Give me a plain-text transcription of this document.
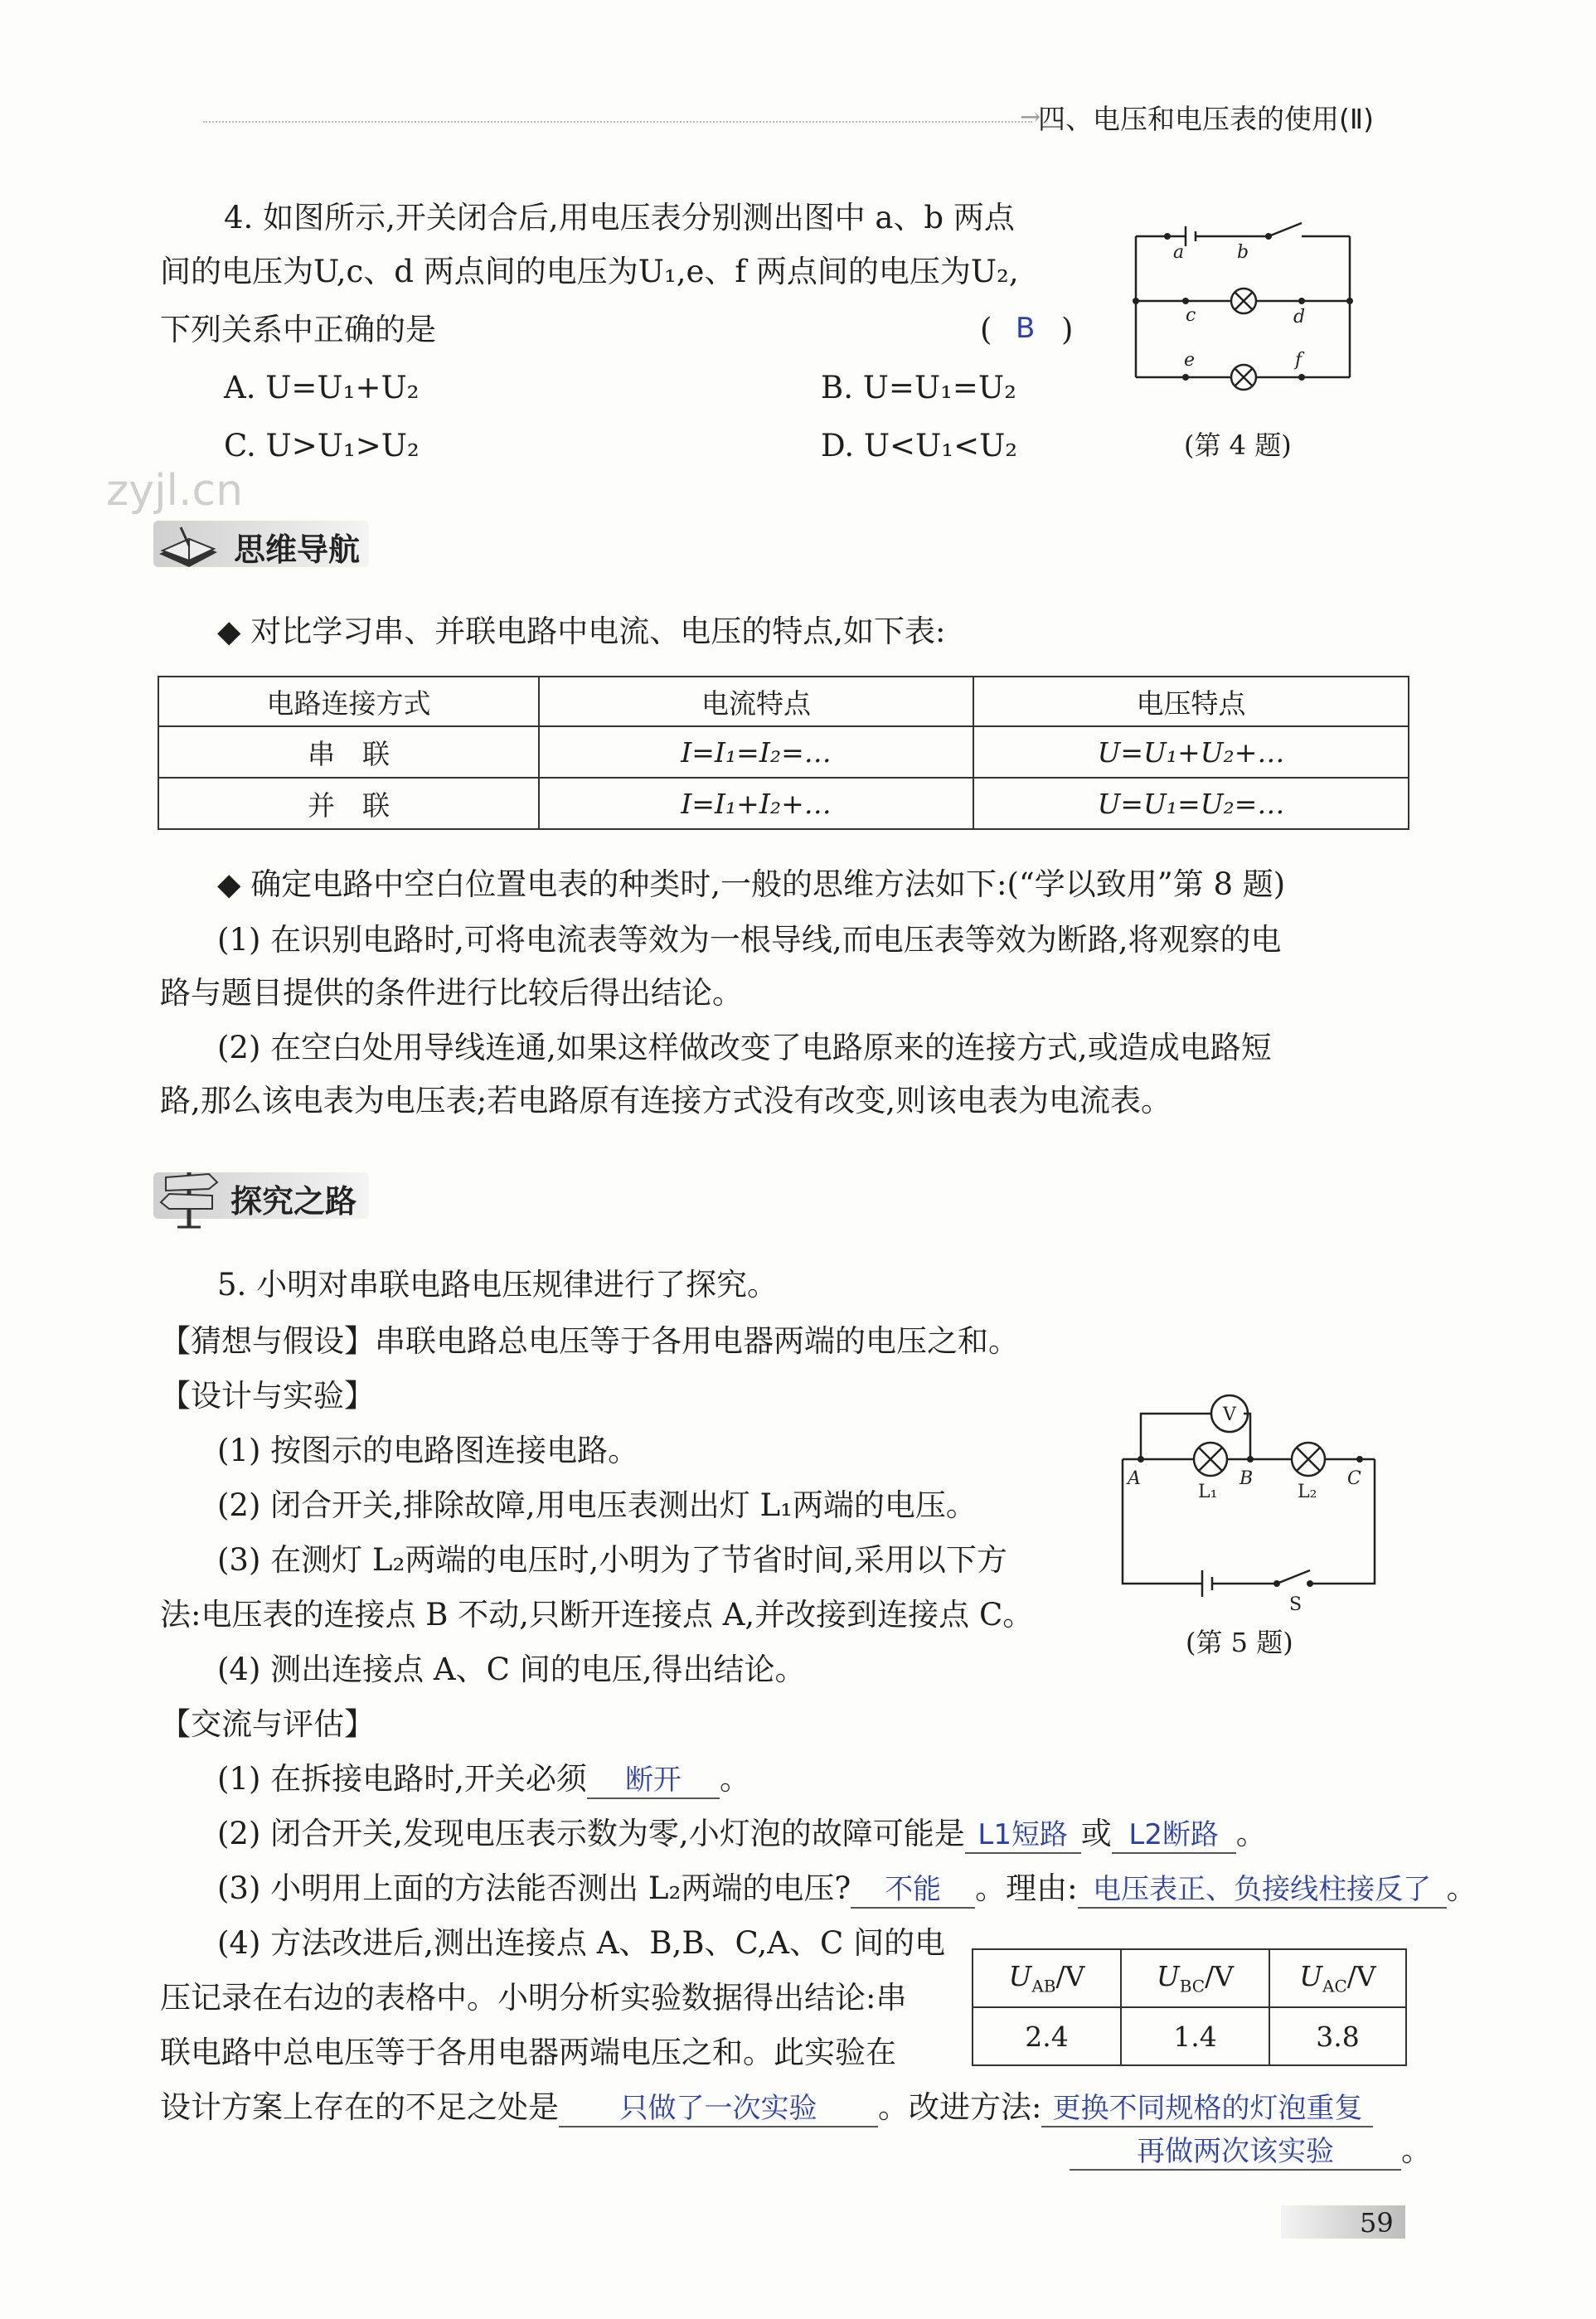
→
四、电压和电压表的使用(Ⅱ)
4. 如图所示,开关闭合后,用电压表分别测出图中 a、b 两点
间的电压为U,c、d 两点间的电压为U₁,e、f 两点间的电压为U₂,
下列关系中正确的是	( B )
A. U=U₁+U₂	B. U=U₁=U₂
C. U>U₁>U₂	D. U<U₁<U₂
a	b
c	d
e	f
(第 4 题)
zyjl.cn
思维导航
◆ 对比学习串、并联电路中电流、电压的特点,如下表:
电路连接方式	电流特点	电压特点
串　联	I=I₁=I₂=…	U=U₁+U₂+…
并　联	I=I₁+I₂+…	U=U₁=U₂=…
◆ 确定电路中空白位置电表的种类时,一般的思维方法如下:(“学以致用”第 8 题)
(1) 在识别电路时,可将电流表等效为一根导线,而电压表等效为断路,将观察的电
路与题目提供的条件进行比较后得出结论。
(2) 在空白处用导线连通,如果这样做改变了电路原来的连接方式,或造成电路短
路,那么该电表为电压表;若电路原有连接方式没有改变,则该电表为电流表。
探究之路
5. 小明对串联电路电压规律进行了探究。
【猜想与假设】串联电路总电压等于各用电器两端的电压之和。
【设计与实验】
(1) 按图示的电路图连接电路。
(2) 闭合开关,排除故障,用电压表测出灯 L₁两端的电压。
(3) 在测灯 L₂两端的电压时,小明为了节省时间,采用以下方
法:电压表的连接点 B 不动,只断开连接点 A,并改接到连接点 C。
(4) 测出连接点 A、C 间的电压,得出结论。
【交流与评估】
V
A	B	C
L₁	L₂
S
(第 5 题)
(1) 在拆接电路时,开关必须 断开 。
(2) 闭合开关,发现电压表示数为零,小灯泡的故障可能是 L1短路 或 L2断路 。
(3) 小明用上面的方法能否测出 L₂两端的电压? 不能 。理由: 电压表正、负接线柱接反了 。
(4) 方法改进后,测出连接点 A、B,B、C,A、C 间的电
压记录在右边的表格中。小明分析实验数据得出结论:串
联电路中总电压等于各用电器两端电压之和。此实验在
设计方案上存在的不足之处是 只做了一次实验 。改进方法: 更换不同规格的灯泡重复
再做两次该实验 。
$U_{AB}/V$	$U_{BC}/V$	$U_{AC}/V$
2.4	1.4	3.8
59
